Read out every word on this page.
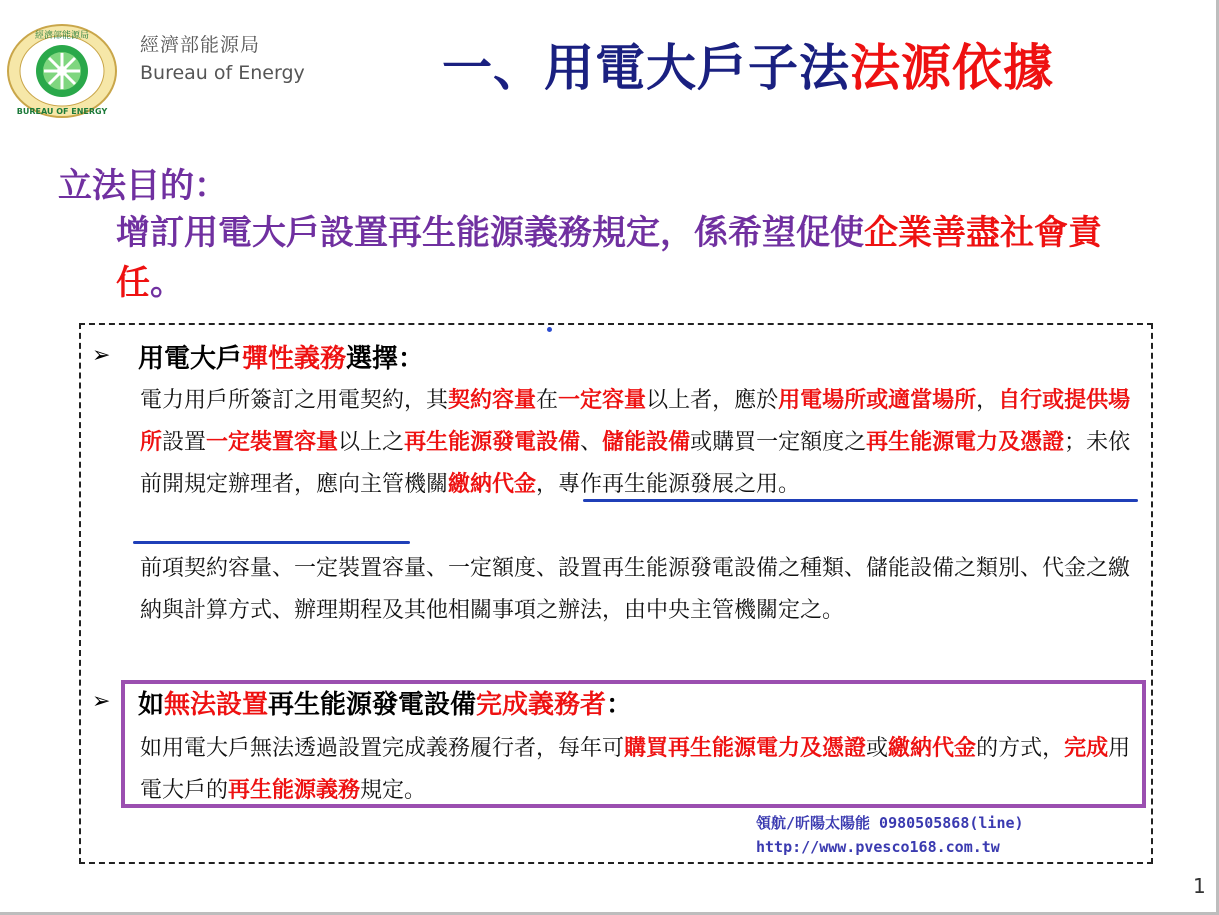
經濟部能源局
BUREAU OF ENERGY
經濟部能源局
Bureau of Energy	一、用電大戶子法法源依據
立法目的：
增訂用電大戶設置再生能源義務規定，係希望促使企業善盡社會責任。
➢ 用電大戶彈性義務選擇：
電力用戶所簽訂之用電契約，其契約容量在一定容量以上者，應於用電場所或適當場所，自行或提供場所設置一定裝置容量以上之再生能源發電設備、儲能設備或購買一定額度之再生能源電力及憑證；未依前開規定辦理者，應向主管機關繳納代金，專作再生能源發展之用。
前項契約容量、一定裝置容量、一定額度、設置再生能源發電設備之種類、儲能設備之類別、代金之繳納與計算方式、辦理期程及其他相關事項之辦法，由中央主管機關定之。
➢ 如無法設置再生能源發電設備完成義務者：
如用電大戶無法透過設置完成義務履行者，每年可購買再生能源電力及憑證或繳納代金的方式，完成用電大戶的再生能源義務規定。
領航/昕陽太陽能 0980505868(line)
http://www.pvesco168.com.tw
1
